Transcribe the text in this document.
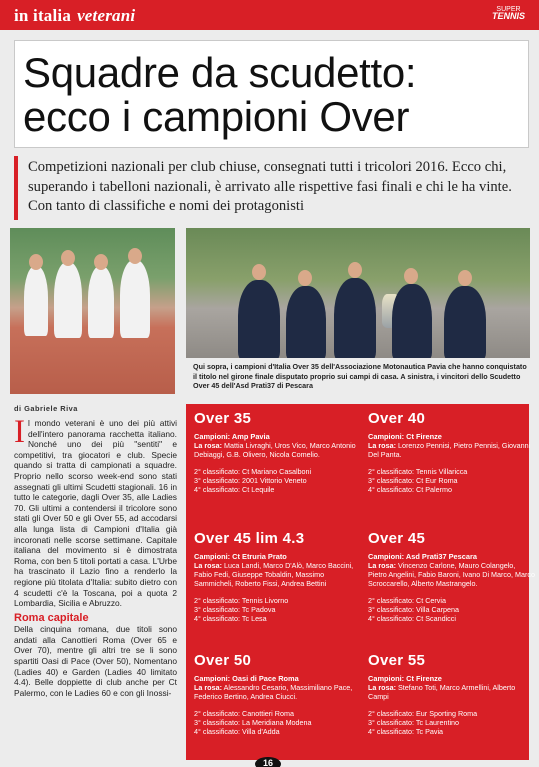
in italia veterani	SUPER
TENNIS
Squadre da scudetto:
ecco i campioni Over

Competizioni nazionali per club chiuse, consegnati tutti i tricolori 2016. Ecco chi, superando i tabelloni nazionali, è arrivato alle rispettive fasi finali e chi le ha vinte. Con tanto di classifiche e nomi dei protagonisti

Qui sopra, i campioni d'Italia Over 35 dell'Associazione Motonautica Pavia che hanno conquistato il titolo nel girone finale disputato proprio sui campi di casa. A sinistra, i vincitori dello Scudetto Over 45 dell'Asd Prati37 di Pescara

di Gabriele Riva

Il mondo veterani è uno dei più attivi dell'intero panorama racchetta italiano. Nonché uno dei più "sentiti" e competitivi, tra giocatori e club. Specie quando si tratta di campionati a squadre. Proprio nello scorso week-end sono stati assegnati gli ultimi Scudetti stagionali. 16 in tutto le categorie, dagli Over 35, alle Ladies 70. Gli ultimi a contendersi il tricolore sono stati gli Over 50 e gli Over 55, ad accodarsi alla lunga lista di Campioni d'Italia già incoronati nelle scorse settimane. Capitale italiana del movimento si è dimostrata Roma, con ben 5 titoli portati a casa. L'Urbe ha trascinato il Lazio fino a renderlo la regione più titolata d'Italia: subito dietro con 4 scudetti c'è la Toscana, poi a quota 2 Lombardia, Sicilia e Abruzzo.

Roma capitale

Della cinquina romana, due titoli sono andati alla Canottieri Roma (Over 65 e Over 70), mentre gli altri tre se li sono spartiti Oasi di Pace (Over 50), Nomentano (Ladies 40) e Garden (Ladies 40 limitato 4.4). Belle doppiette di club anche per Ct Palermo, con le Ladies 60 e con gli Inossi-

Over 35
Campioni: Amp Pavia
La rosa: Mattia Livraghi, Uros Vico, Marco Antonio Debiaggi, G.B. Olivero, Nicola Comelio.
2° classificato: Ct Mariano Casalboni
3° classificato: 2001 Vittorio Veneto
4° classificato: Ct Lequile
Over 40
Campioni: Ct Firenze
La rosa: Lorenzo Pennisi, Pietro Pennisi, Giovanni Del Panta.
2° classificato: Tennis Villaricca
3° classificato: Ct Eur Roma
4° classificato: Ct Palermo
Over 45 lim 4.3
Campioni: Ct Etruria Prato
La rosa: Luca Landi, Marco D'Alò, Marco Baccini, Fabio Fedi, Giuseppe Tobaldin, Massimo Sammicheli, Roberto Fissi, Andrea Bettini
2° classificato: Tennis Livorno
3° classificato: Tc Padova
4° classificato: Tc Lesa
Over 45
Campioni: Asd Prati37 Pescara
La rosa: Vincenzo Carlone, Mauro Colangelo, Pietro Angelini, Fabio Baroni, Ivano Di Marco, Marco Scroccarello, Alberto Mastrangelo.
2° classificato: Ct Cervia
3° classificato: Villa Carpena
4° classificato: Ct Scandicci
Over 50
Campioni: Oasi di Pace Roma
La rosa: Alessandro Cesario, Massimiliano Pace, Federico Bertino, Andrea Ciucci.
2° classificato: Canottieri Roma
3° classificato: La Meridiana Modena
4° classificato: Villa d'Adda
Over 55
Campioni: Ct Firenze
La rosa: Stefano Toti, Marco Armellini, Alberto Campi
2° classificato: Eur Sporting Roma
3° classificato: Tc Laurentino
4° classificato: Tc Pavia
16
